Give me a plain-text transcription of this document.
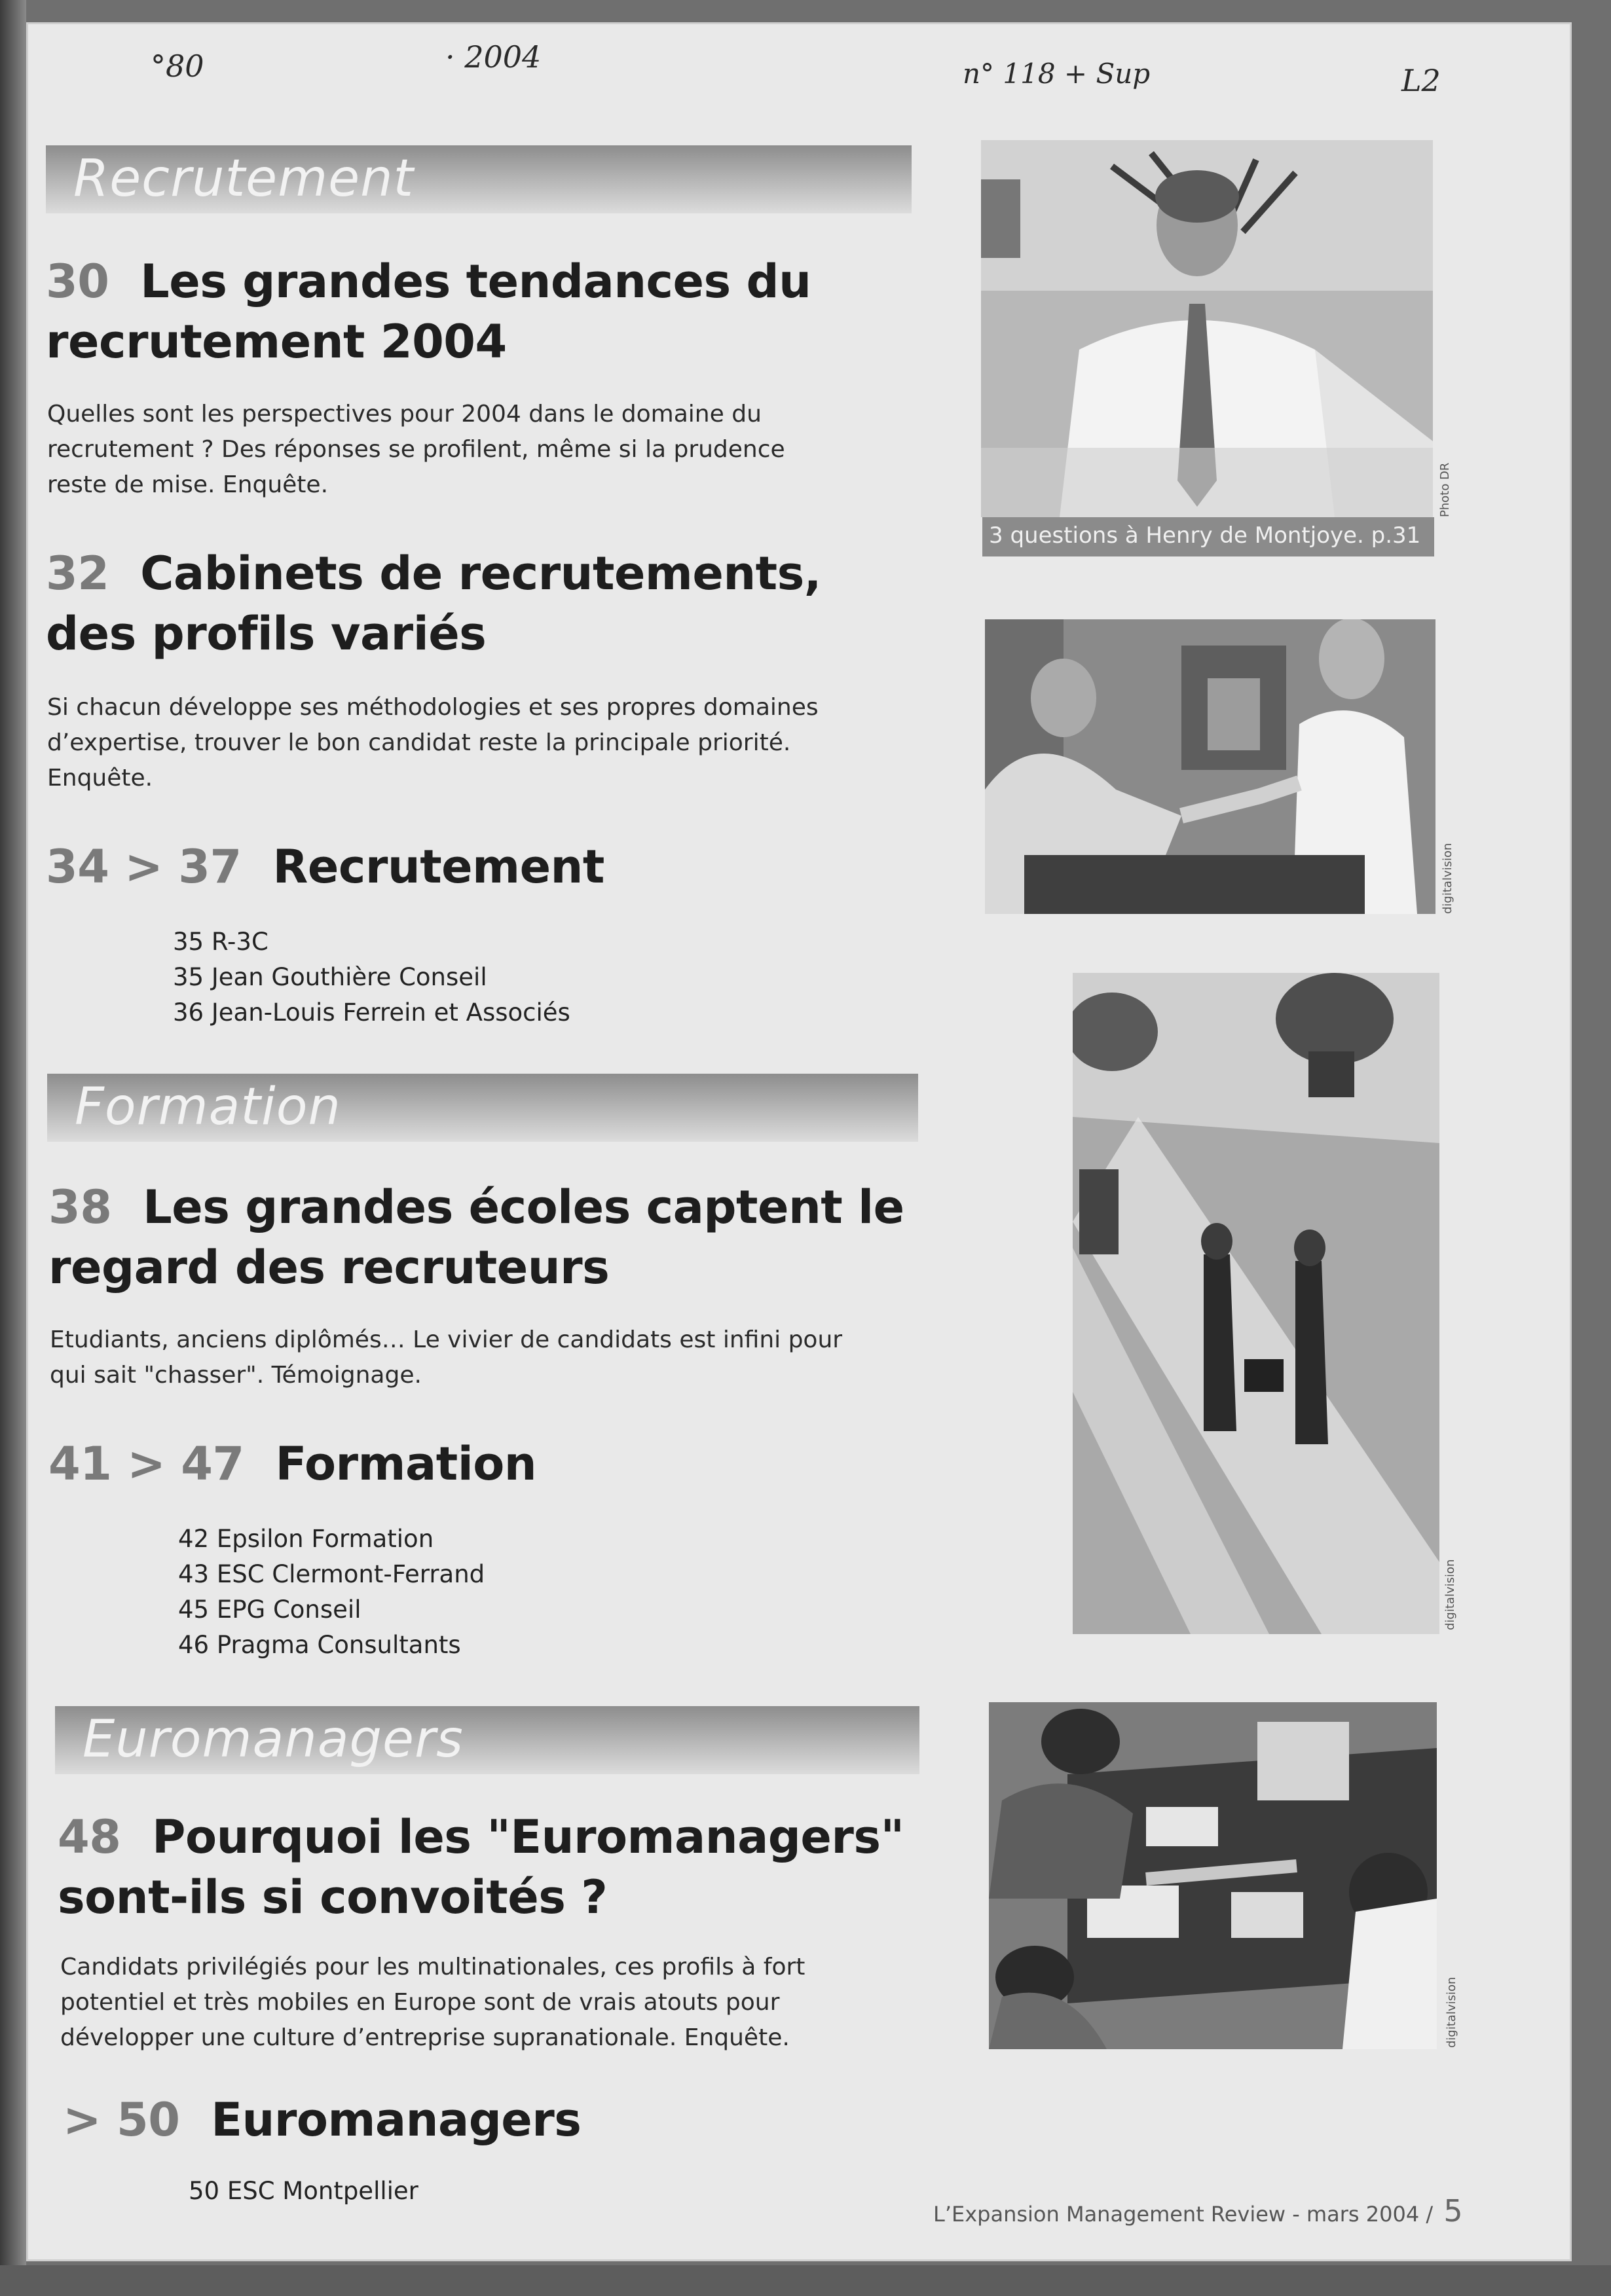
°80	· 2004	n° 118 + Sup	L2
Recrutement
30 Les grandes tendances du
recrutement 2004
Quelles sont les perspectives pour 2004 dans le domaine du
recrutement ? Des réponses se profilent, même si la prudence
reste de mise. Enquête.
32 Cabinets de recrutements,
des profils variés
Si chacun développe ses méthodologies et ses propres domaines
d’expertise, trouver le bon candidat reste la principale priorité.
Enquête.
34 > 37 Recrutement
35 R-3C
35 Jean Gouthière Conseil
36 Jean-Louis Ferrein et Associés
Formation
38 Les grandes écoles captent le
regard des recruteurs
Etudiants, anciens diplômés… Le vivier de candidats est infini pour
qui sait "chasser". Témoignage.
41 > 47 Formation
42 Epsilon Formation
43 ESC Clermont-Ferrand
45 EPG Conseil
46 Pragma Consultants
Euromanagers
48 Pourquoi les "Euromanagers"
sont-ils si convoités ?
Candidats privilégiés pour les multinationales, ces profils à fort
potentiel et très mobiles en Europe sont de vrais atouts pour
développer une culture d’entreprise supranationale. Enquête.
> 50 Euromanagers
50 ESC Montpellier
3 questions à Henry de Montjoye. p.31
Photo DR
digitalvision
digitalvision
digitalvision
L’Expansion Management Review - mars 2004 / 5
